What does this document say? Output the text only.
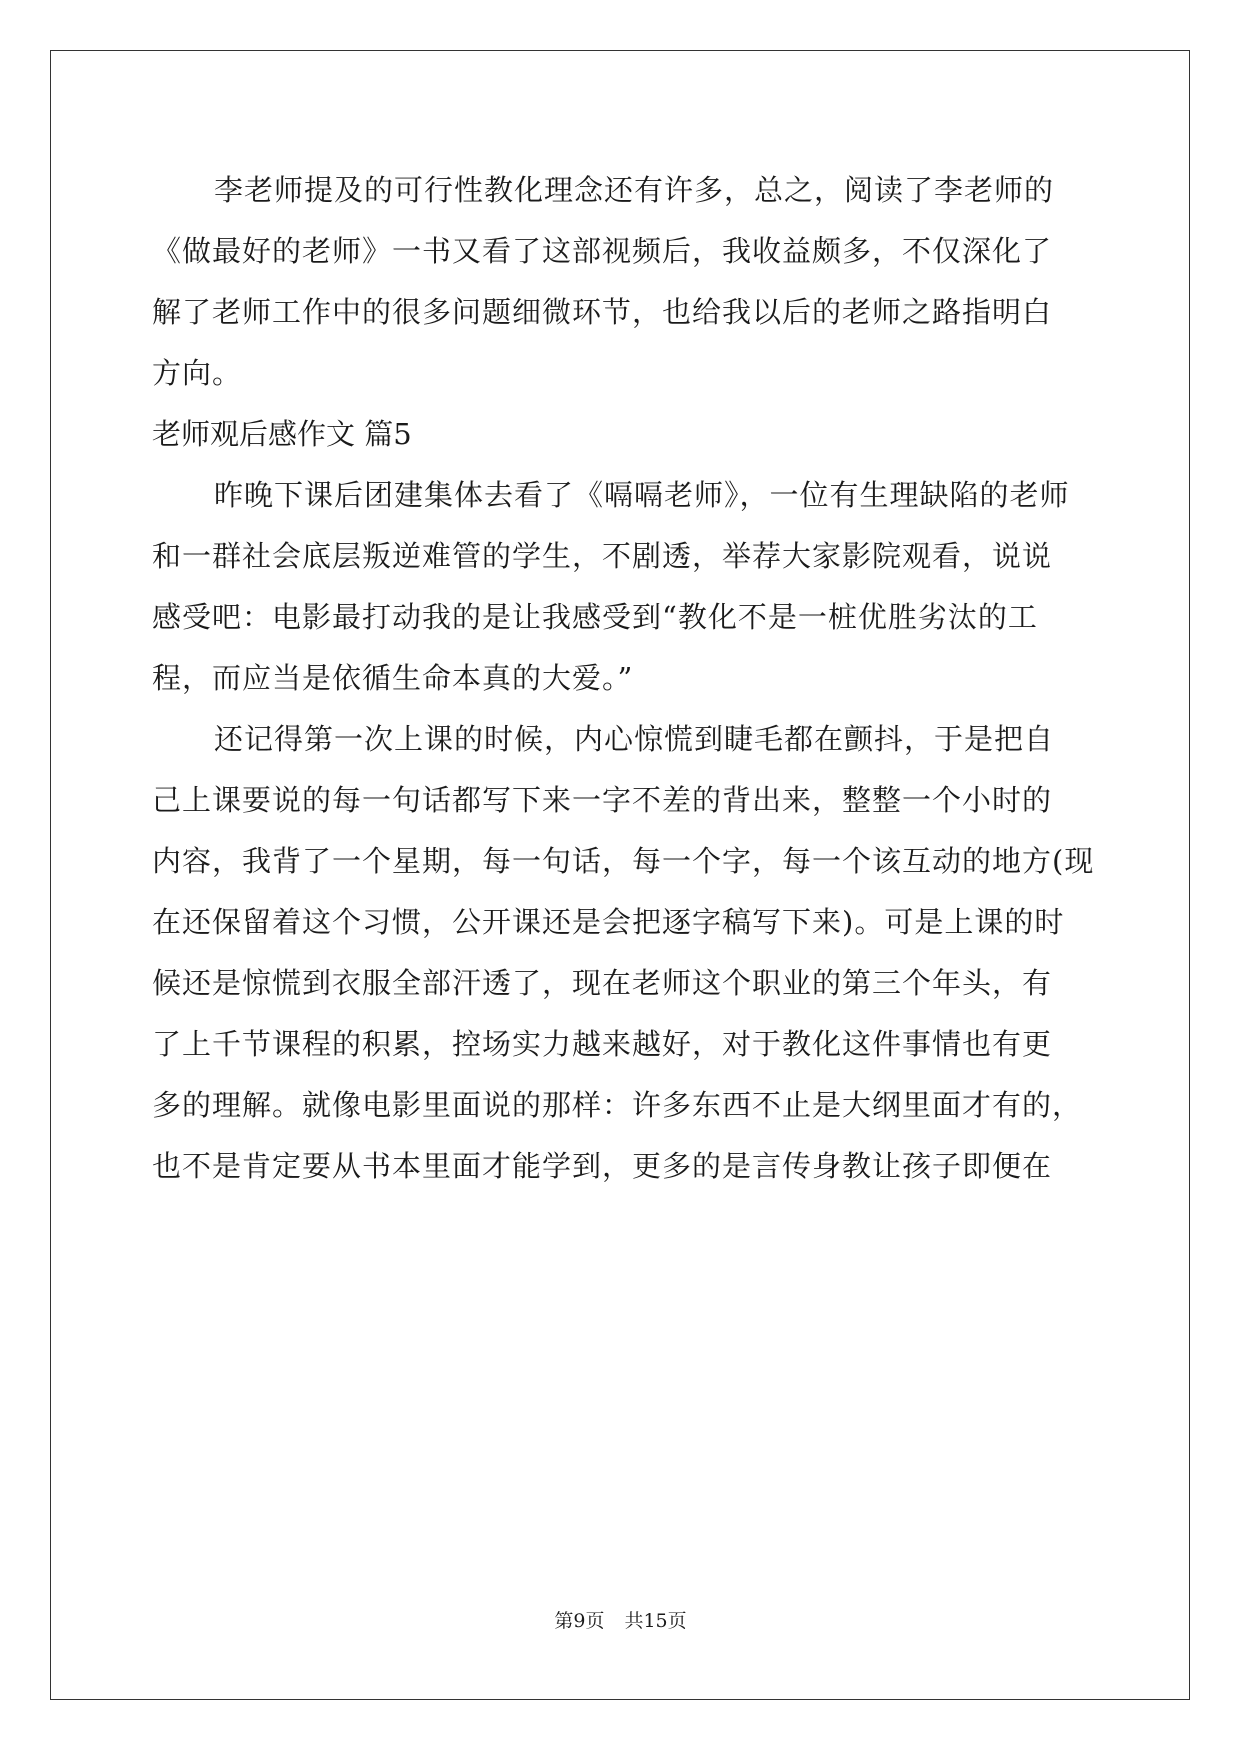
李老师提及的可行性教化理念还有许多，总之，阅读了李老师的
《做最好的老师》一书又看了这部视频后，我收益颇多，不仅深化了
解了老师工作中的很多问题细微环节，也给我以后的老师之路指明白
方向。
老师观后感作文 篇5
昨晚下课后团建集体去看了《嗝嗝老师》，一位有生理缺陷的老师
和一群社会底层叛逆难管的学生，不剧透，举荐大家影院观看，说说
感受吧：电影最打动我的是让我感受到“教化不是一桩优胜劣汰的工
程，而应当是依循生命本真的大爱。”
还记得第一次上课的时候，内心惊慌到睫毛都在颤抖，于是把自
己上课要说的每一句话都写下来一字不差的背出来，整整一个小时的
内容，我背了一个星期，每一句话，每一个字，每一个该互动的地方(现
在还保留着这个习惯，公开课还是会把逐字稿写下来)。可是上课的时
候还是惊慌到衣服全部汗透了，现在老师这个职业的第三个年头，有
了上千节课程的积累，控场实力越来越好，对于教化这件事情也有更
多的理解。就像电影里面说的那样：许多东西不止是大纲里面才有的，
也不是肯定要从书本里面才能学到，更多的是言传身教让孩子即便在
第9页 共15页
